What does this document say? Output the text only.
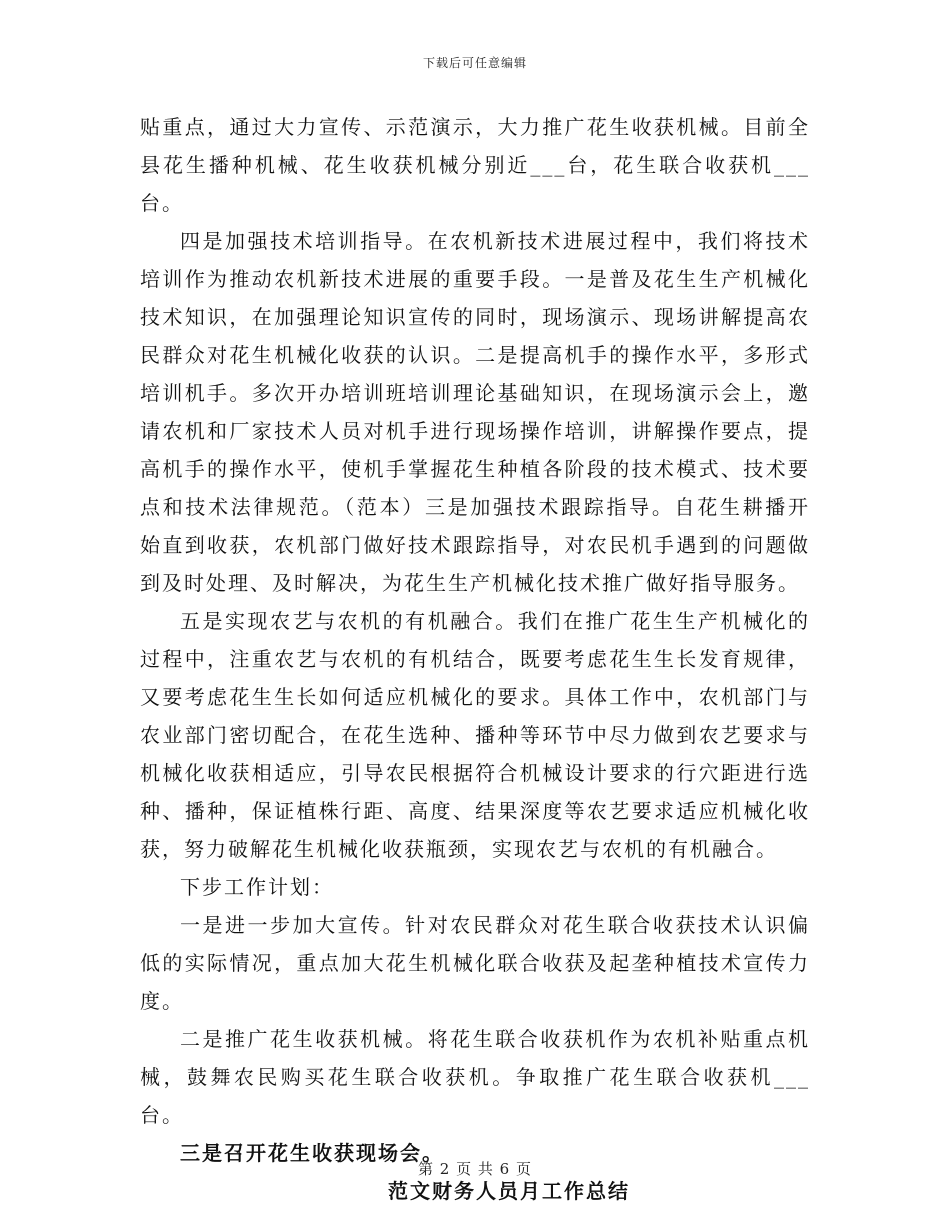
下载后可任意编辑

贴重点，通过大力宣传、示范演示，大力推广花生收获机械。目前全县花生播种机械、花生收获机械分别近___台，花生联合收获机___台。

四是加强技术培训指导。在农机新技术进展过程中，我们将技术培训作为推动农机新技术进展的重要手段。一是普及花生生产机械化技术知识，在加强理论知识宣传的同时，现场演示、现场讲解提高农民群众对花生机械化收获的认识。二是提高机手的操作水平，多形式培训机手。多次开办培训班培训理论基础知识，在现场演示会上，邀请农机和厂家技术人员对机手进行现场操作培训，讲解操作要点，提高机手的操作水平，使机手掌握花生种植各阶段的技术模式、技术要点和技术法律规范。（范本）三是加强技术跟踪指导。自花生耕播开始直到收获，农机部门做好技术跟踪指导，对农民机手遇到的问题做到及时处理、及时解决，为花生生产机械化技术推广做好指导服务。

五是实现农艺与农机的有机融合。我们在推广花生生产机械化的过程中，注重农艺与农机的有机结合，既要考虑花生生长发育规律，又要考虑花生生长如何适应机械化的要求。具体工作中，农机部门与农业部门密切配合，在花生选种、播种等环节中尽力做到农艺要求与机械化收获相适应，引导农民根据符合机械设计要求的行穴距进行选种、播种，保证植株行距、高度、结果深度等农艺要求适应机械化收获，努力破解花生机械化收获瓶颈，实现农艺与农机的有机融合。

下步工作计划：

一是进一步加大宣传。针对农民群众对花生联合收获技术认识偏低的实际情况，重点加大花生机械化联合收获及起垄种植技术宣传力度。

二是推广花生收获机械。将花生联合收获机作为农机补贴重点机械，鼓舞农民购买花生联合收获机。争取推广花生联合收获机___台。

三是召开花生收获现场会。

范文财务人员月工作总结

第 2 页 共 6 页
